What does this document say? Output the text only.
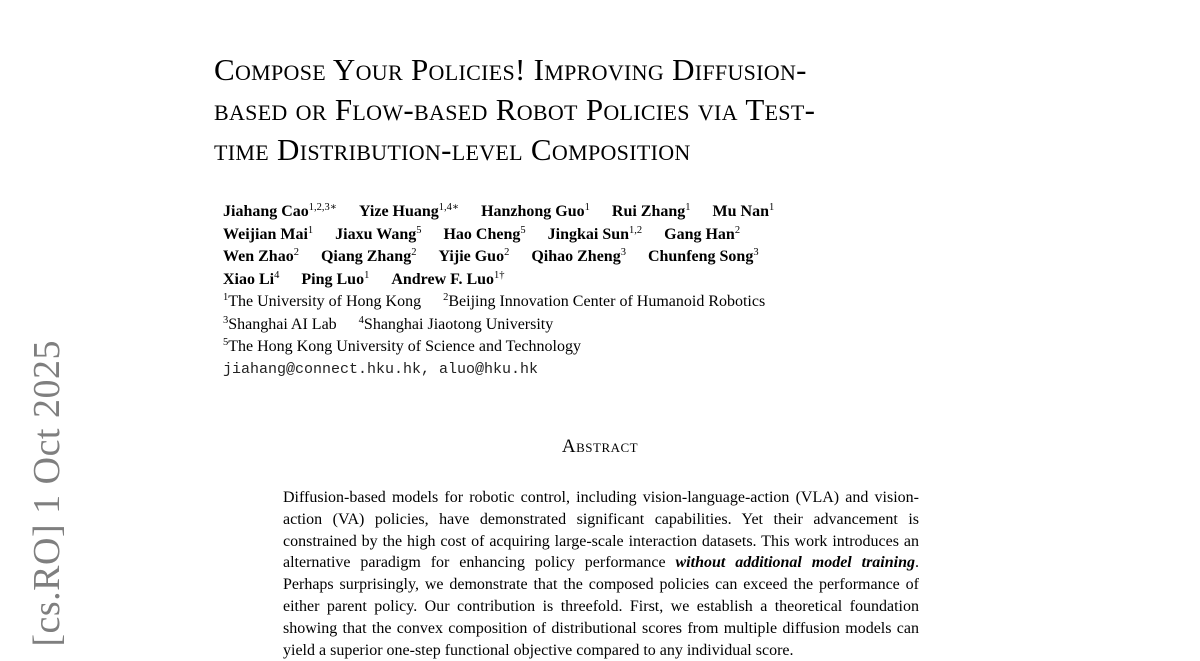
[cs.RO] 1 Oct 2025
Compose Your Policies! Improving Diffusion-
based or Flow-based Robot Policies via Test-
time Distribution-level Composition
Jiahang Cao$^{1,2,3∗}$ Yize Huang$^{1,4∗}$ Hanzhong Guo$^1$ Rui Zhang$^1$ Mu Nan$^1$
Weijian Mai$^1$ Jiaxu Wang$^5$ Hao Cheng$^5$ Jingkai Sun$^{1,2}$ Gang Han$^2$
Wen Zhao$^2$ Qiang Zhang$^2$ Yijie Guo$^2$ Qihao Zheng$^3$ Chunfeng Song$^3$
Xiao Li$^4$ Ping Luo$^1$ Andrew F. Luo$^{1\dagger}$
$^1$The University of Hong Kong $^2$Beijing Innovation Center of Humanoid Robotics
$^3$Shanghai AI Lab $^4$Shanghai Jiaotong University
$^5$The Hong Kong University of Science and Technology
jiahang@connect.hku.hk, aluo@hku.hk
Abstract

Diffusion-based models for robotic control, including vision-language-action (VLA) and vision-action (VA) policies, have demonstrated significant capabilities. Yet their advancement is constrained by the high cost of acquiring large-scale interaction datasets. This work introduces an alternative paradigm for enhancing policy performance without additional model training. Perhaps surprisingly, we demonstrate that the composed policies can exceed the performance of either parent policy. Our contribution is threefold. First, we establish a theoretical foundation showing that the convex composition of distributional scores from multiple diffusion models can yield a superior one-step functional objective compared to any individual score.
